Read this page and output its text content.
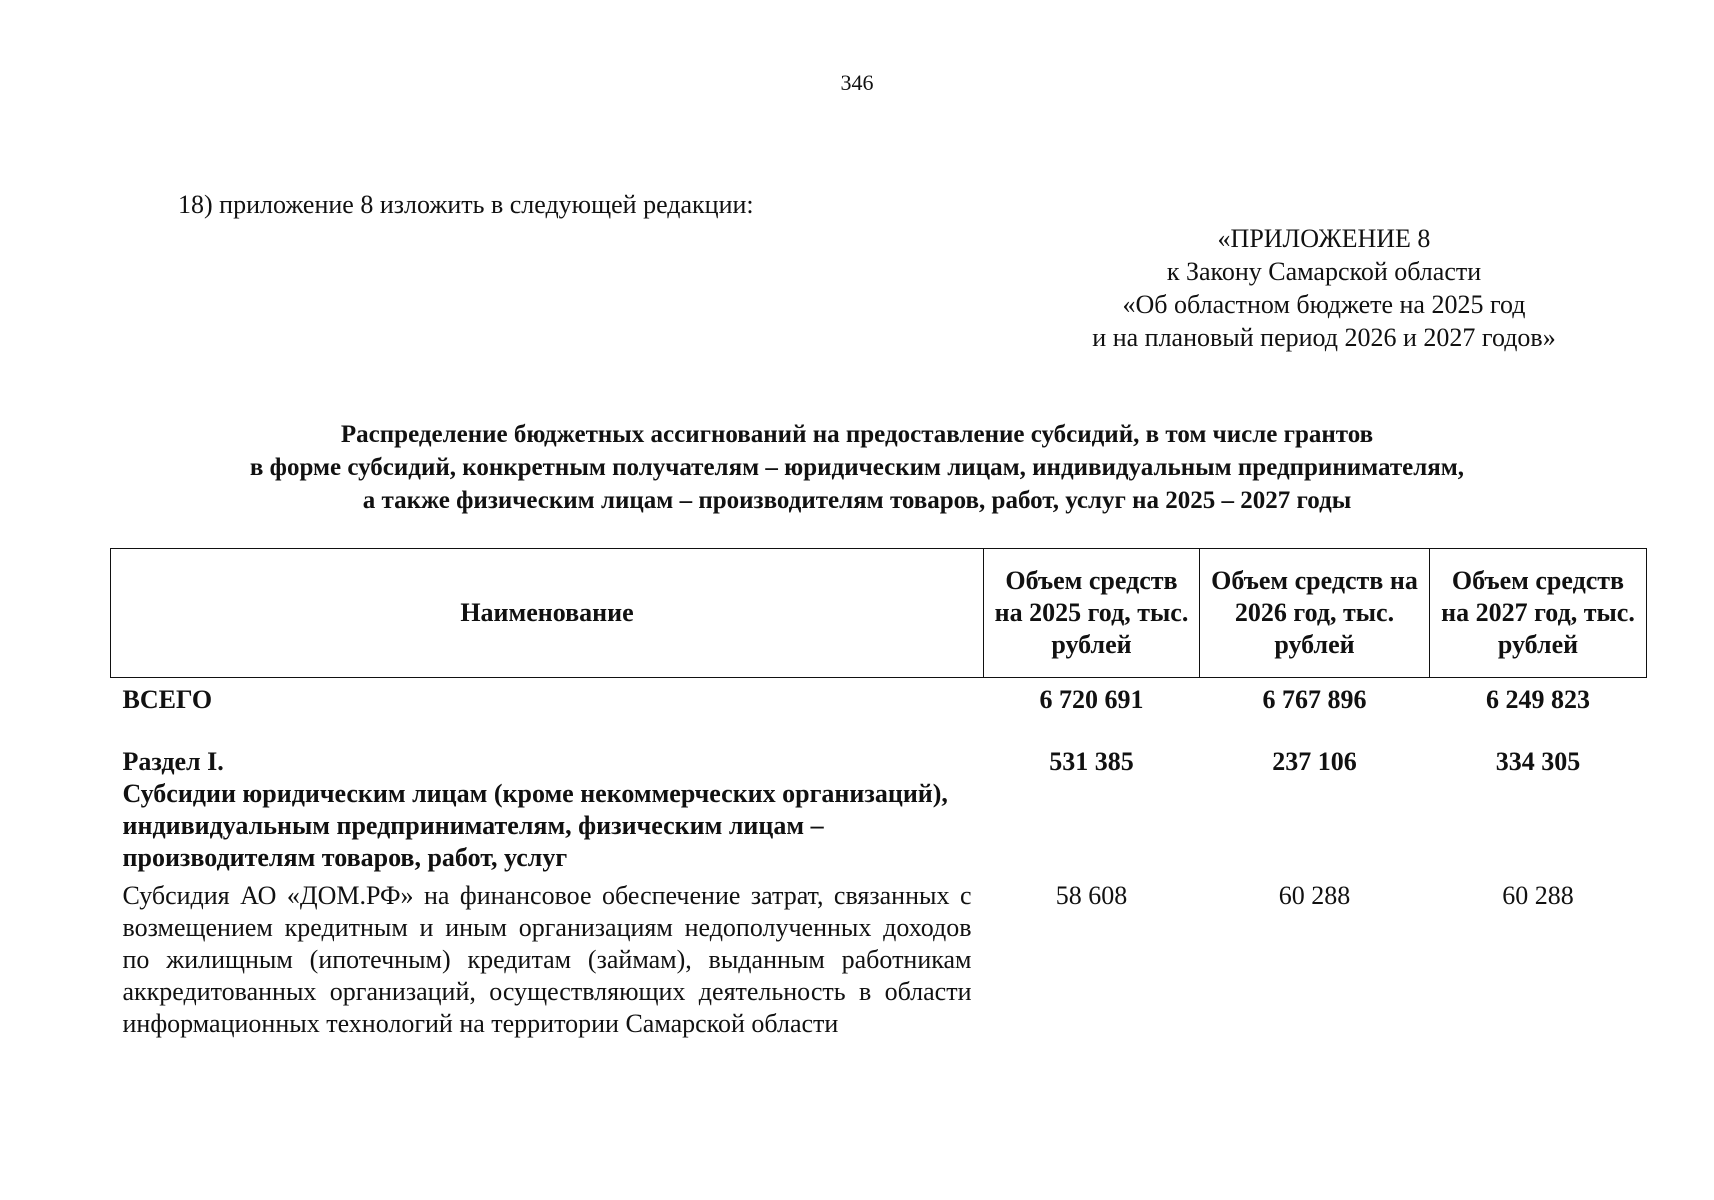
346
18) приложение 8 изложить в следующей редакции:
«ПРИЛОЖЕНИЕ 8
к Закону Самарской области
«Об областном бюджете на 2025 год
и на плановый период 2026 и 2027 годов»
Распределение бюджетных ассигнований на предоставление субсидий, в том числе грантов
в форме субсидий, конкретным получателям – юридическим лицам, индивидуальным предпринимателям,
а также физическим лицам – производителям товаров, работ, услуг на 2025 – 2027 годы
Наименование	Объем средств на 2025 год, тыс. рублей	Объем средств на 2026 год, тыс. рублей	Объем средств на 2027 год, тыс. рублей
ВСЕГО	6 720 691	6 767 896	6 249 823

Раздел I.
Субсидии юридическим лицам (кроме некоммерческих организаций), индивидуальным предпринимателям, физическим лицам – производителям товаров, работ, услуг	531 385	237 106	334 305
Субсидия АО «ДОМ.РФ» на финансовое обеспечение затрат, связанных с возмещением кредитным и иным организациям недополученных доходов по жилищным (ипотечным) кредитам (займам), выданным работникам аккредитованных организаций, осуществляющих деятельность в области информационных технологий на территории Самарской области	58 608	60 288	60 288
